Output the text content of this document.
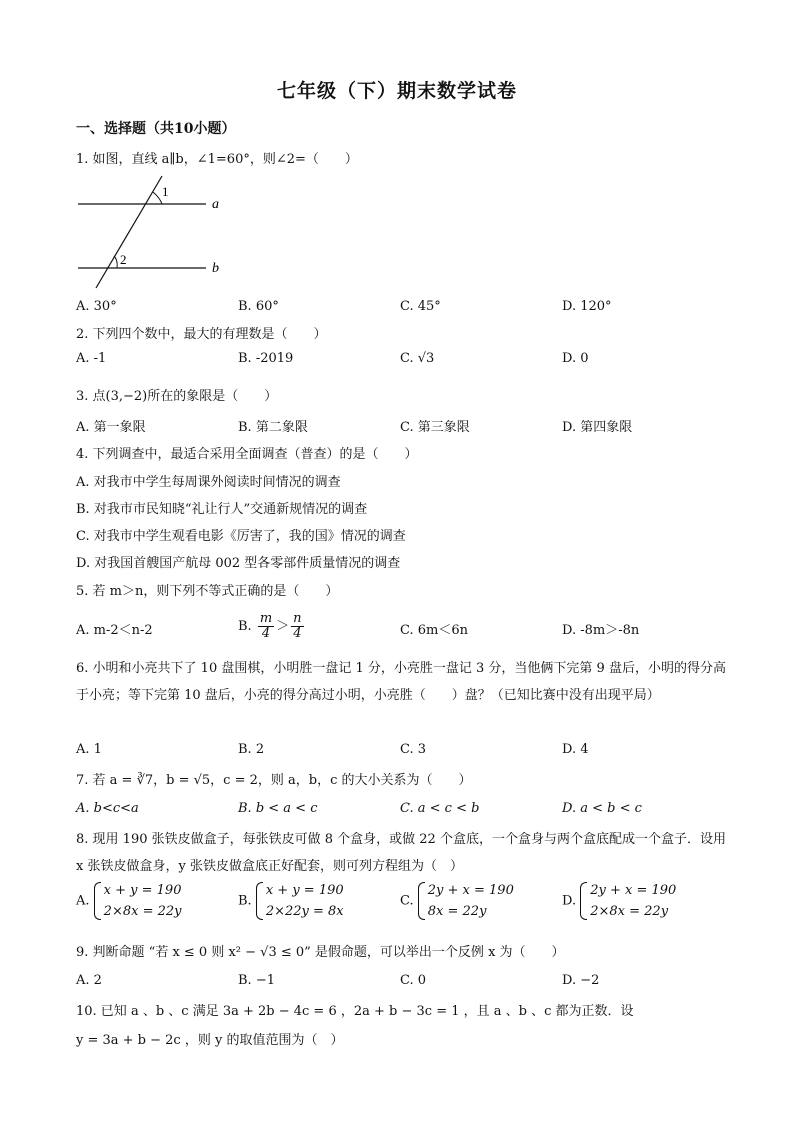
七年级（下）期末数学试卷
一、选择题（共10小题）
1. 如图，直线 a∥b，∠1=60°，则∠2=（　　）
1
2
a
b
A. 30°	B. 60°	C. 45°	D. 120°
2. 下列四个数中，最大的有理数是（　　）
A. -1	B. -2019	C. √3	D. 0
3. 点(3,−2)所在的象限是（　　）
A. 第一象限	B. 第二象限	C. 第三象限	D. 第四象限
4. 下列调查中，最适合采用全面调查（普查）的是（　　）
A. 对我市中学生每周课外阅读时间情况的调查
B. 对我市市民知晓“礼让行人”交通新规情况的调查
C. 对我市中学生观看电影《厉害了，我的国》情况的调查
D. 对我国首艘国产航母 002 型各零部件质量情况的调查
5. 若 m＞n，则下列不等式正确的是（　　）
A. m-2＜n-2	B. $\frac{m}{4} > \frac{n}{4}$	C. 6m＜6n	D. -8m＞-8n
6. 小明和小亮共下了 10 盘围棋，小明胜一盘记 1 分，小亮胜一盘记 3 分，当他俩下完第 9 盘后，小明的得分高于小亮；等下完第 10 盘后，小亮的得分高过小明，小亮胜（　　）盘？（已知比赛中没有出现平局）
A. 1	B. 2	C. 3	D. 4
7. 若 a = ∛7，b = √5，c = 2，则 a，b，c 的大小关系为（　　）
A. b<c<a	B. b < a < c	C. a < c < b	D. a < b < c
8. 现用 190 张铁皮做盒子，每张铁皮可做 8 个盒身，或做 22 个盒底，一个盒身与两个盒底配成一个盒子．设用 x 张铁皮做盒身，y 张铁皮做盒底正好配套，则可列方程组为（　）
A.
x + y = 190
2×8x = 22y
B.
x + y = 190
2×22y = 8x
C.
2y + x = 190
8x = 22y
D.
2y + x = 190
2×8x = 22y
9. 判断命题 “若 x ≤ 0 则 x² − √3 ≤ 0” 是假命题，可以举出一个反例 x 为（　　）
A. 2	B. −1	C. 0	D. −2
10. 已知 a 、b 、c 满足 3a + 2b − 4c = 6 ，2a + b − 3c = 1 ，且 a 、b 、c 都为正数．设
y = 3a + b − 2c ，则 y 的取值范围为（　）
